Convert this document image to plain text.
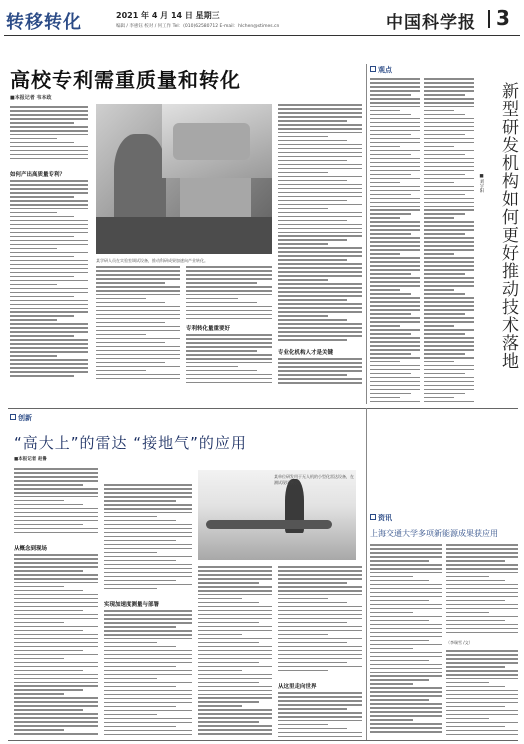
转移转化	2021 年 4 月 14 日 星期三
编辑 / 李惠钰 校对 / 何工作 Tel：(010)62580712 E-mail：hlchen@stimes.cn	中国科学报 3
高校专利需重质量和转化
■本报记者 韦本政
如何产出高质量专利？
某学研人员在实验室调试设备，推动科研成果加速向产业转化。
专利转化量重要好
专业化机构人才是关键
观点
新型研发机构如何更好推动技术落地
■刘宇阳
创新
“高大上”的雷达 “接地气”的应用
■本报记者 赵鲁
从概念到现场
实现加速度测量与部署
某单位研发用于无人机的小型化雷达设备，在测试现场展示。
从这里走向世界
资讯
上海交通大学多项新能源成果获应用
（李瑞雪 /文）
